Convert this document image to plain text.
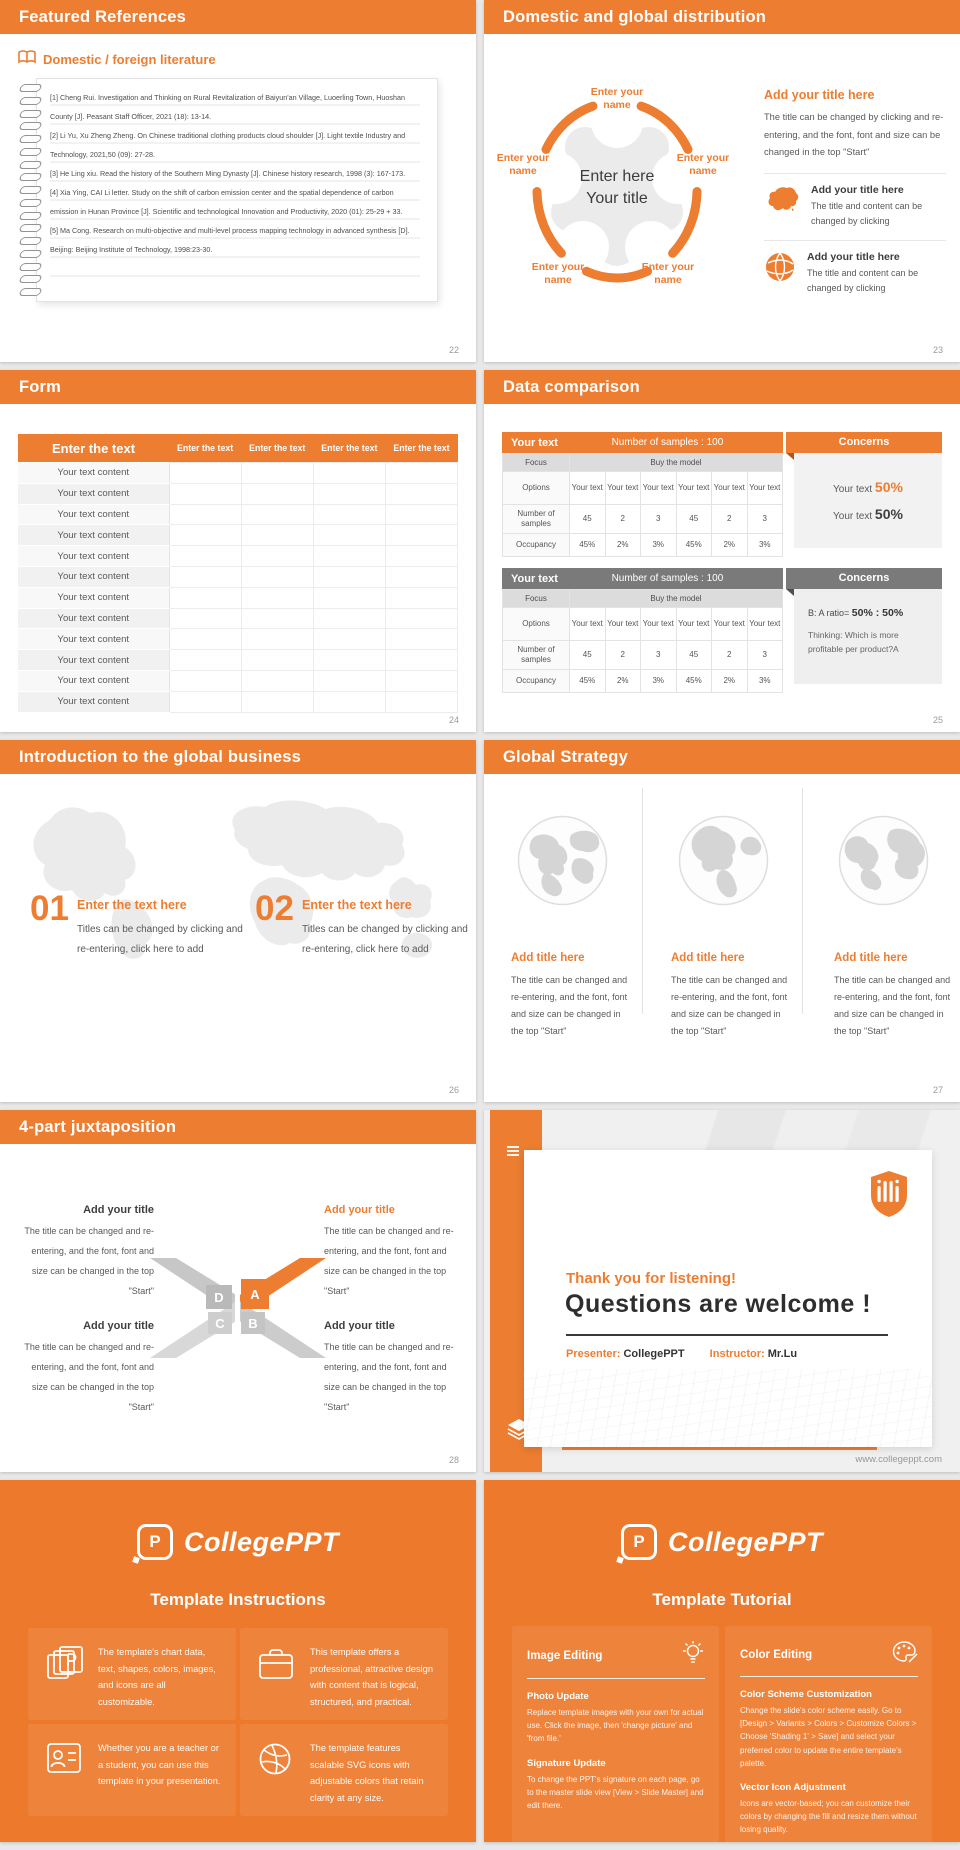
Featured References
Domestic / foreign literature

[1] Cheng Rui. Investigation and Thinking on Rural Revitalization of Baiyun'an Village, Luoerling Town, Huoshan County [J]. Peasant Staff Officer, 2021 (18): 13-14.

[2] Li Yu, Xu Zheng Zheng. On Chinese traditional clothing products cloud shoulder [J]. Light textile Industry and Technology, 2021,50 (09): 27-28.

[3] He Ling xiu. Read the history of the Southern Ming Dynasty [J]. Chinese history research, 1998 (3): 167-173.

[4] Xia Ying, CAI Li letter. Study on the shift of carbon emission center and the spatial dependence of carbon emission in Hunan Province [J]. Scientific and technological Innovation and Productivity, 2020 (01): 25-29 + 33.

[5] Ma Cong. Research on multi-objective and multi-level process mapping technology in advanced synthesis [D]. Beijing: Beijing Institute of Technology, 1998:23-30.

22
Domestic and global distribution
Enter your name
Enter your name
Enter your name
Enter your name
Enter your name
Enter here
Your title
Add your title here
The title can be changed by clicking and re-entering, and the font, font and size can be changed in the top "Start"
Add your title here

The title and content can be changed by clicking

Add your title here

The title and content can be changed by clicking

23
Form
Enter the text	Enter the text	Enter the text	Enter the text	Enter the text
Your text content				
Your text content				
Your text content				
Your text content				
Your text content				
Your text content				
Your text content				
Your text content				
Your text content				
Your text content				
Your text content				
Your text content				
24
Data comparison
Your text	Number of samples : 100
Focus	Buy the model					
Options	Your text	Your text	Your text	Your text	Your text	Your text
Number of samples	45	2	3	45	2	3
Occupancy	45%	2%	3%	45%	2%	3%
Concerns
Your text 50%
Your text 50%
Your text	Number of samples : 100
Focus	Buy the model					
Options	Your text	Your text	Your text	Your text	Your text	Your text
Number of samples	45	2	3	45	2	3
Occupancy	45%	2%	3%	45%	2%	3%
Concerns
B: A ratio= 50% : 50%

Thinking: Which is more profitable per product?A

25
Introduction to the global business
01 Enter the text here

Titles can be changed by clicking and re-entering, click here to add

02 Enter the text here

Titles can be changed by clicking and re-entering, click here to add

26
Global Strategy
Add title here

The title can be changed and re-entering, and the font, font and size can be changed in the top "Start"

Add title here

The title can be changed and re-entering, and the font, font and size can be changed in the top "Start"

Add title here

The title can be changed and re-entering, and the font, font and size can be changed in the top "Start"

27
4-part juxtaposition
Add your title

The title can be changed and re-entering, and the font, font and size can be changed in the top "Start"

Add your title

The title can be changed and re-entering, and the font, font and size can be changed in the top "Start"

Add your title

The title can be changed and re-entering, and the font, font and size can be changed in the top "Start"

Add your title

The title can be changed and re-entering, and the font, font and size can be changed in the top "Start"

D	A
C	B
28
Thank you for listening!
Questions are welcome !
Presenter: CollegePPT Instructor: Mr.Lu
www.collegeppt.com
P CollegePPT
Template Instructions

The template's chart data, text, shapes, colors, images, and icons are all customizable.

This template offers a professional, attractive design with content that is logical, structured, and practical.

Whether you are a teacher or a student, you can use this template in your presentation.

The template features scalable SVG icons with adjustable colors that retain clarity at any size.

P CollegePPT
Template Tutorial
Image Editing
Photo Update

Replace template images with your own for actual use. Click the image, then 'change picture' and 'from file.'

Signature Update

To change the PPT's signature on each page, go to the master slide view [View > Slide Master] and edit there.

Color Editing
Color Scheme Customization

Change the slide's color scheme easily. Go to [Design > Variants > Colors > Customize Colors > Choose 'Shading 1' > Save] and select your preferred color to update the entire template's palette.

Vector Icon Adjustment

Icons are vector-based; you can customize their colors by changing the fill and resize them without losing quality.
